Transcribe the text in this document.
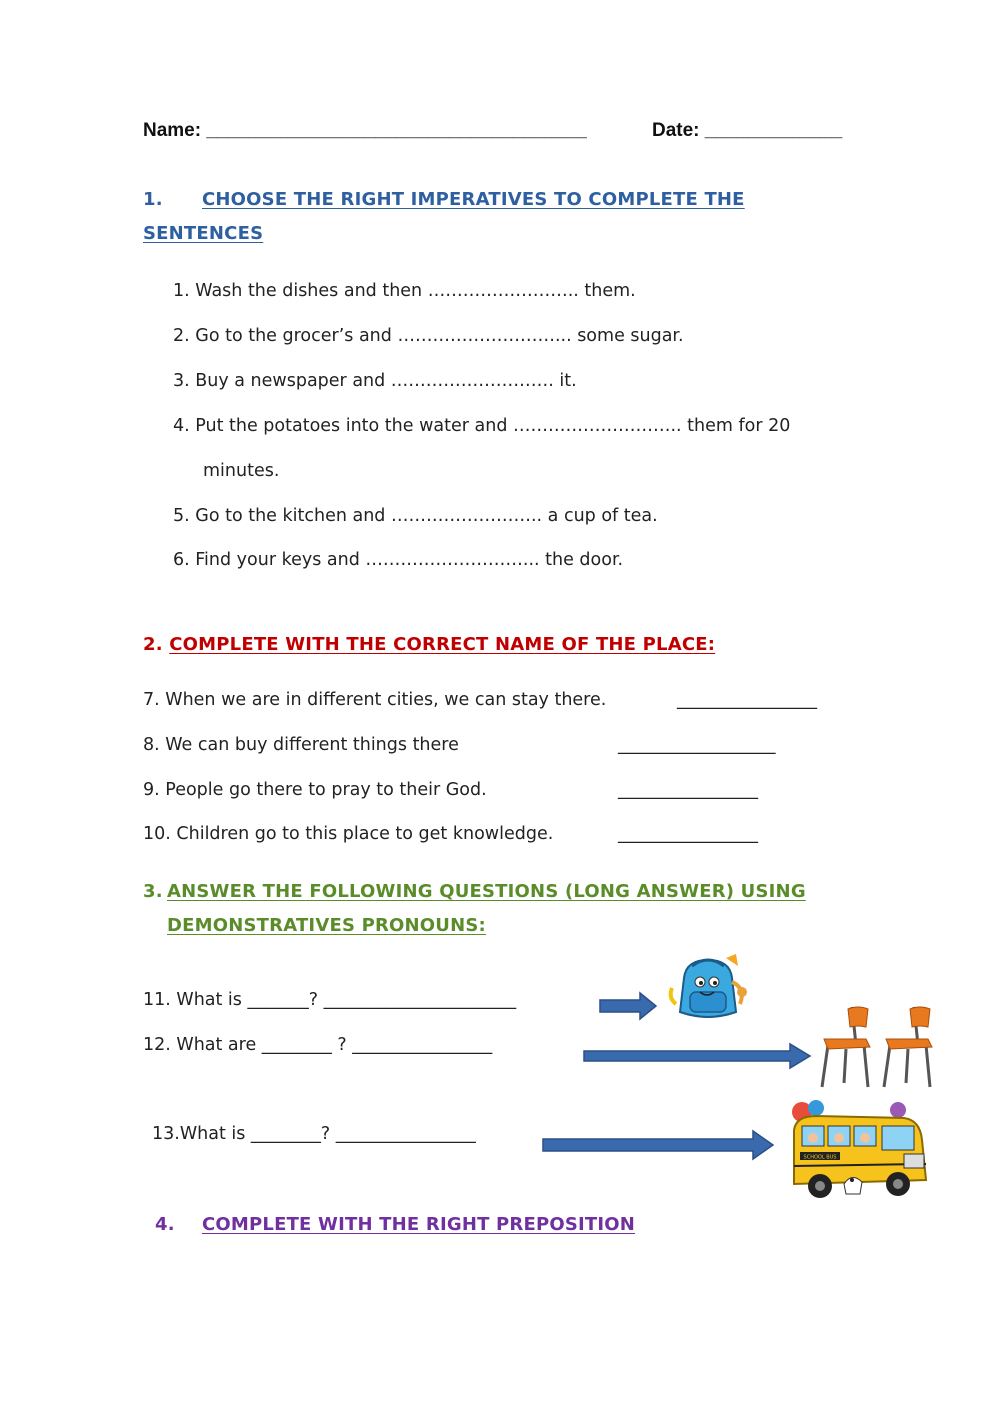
Name: ____________________________________	Date: _____________
1. CHOOSE THE RIGHT IMPERATIVES TO COMPLETE THE
SENTENCES
1. Wash the dishes and then …………………….. them.
2. Go to the grocer’s and ………………………... some sugar.
3. Buy a newspaper and ………………………. it.
4. Put the potatoes into the water and ……………………….. them for 20
minutes.
5. Go to the kitchen and …………………….. a cup of tea.
6. Find your keys and ………………………... the door.
2. COMPLETE WITH THE CORRECT NAME OF THE PLACE:
7. When we are in different cities, we can stay there.	________________
8. We can buy different things there	__________________
9. People go there to pray to their God.	________________
10. Children go to this place to get knowledge.	________________
3. ANSWER THE FOLLOWING QUESTIONS (LONG ANSWER) USING
DEMONSTRATIVES PRONOUNS:
11. What is _______? ______________________
12. What are ________ ? ________________
13.What is ________? ________________
SCHOOL BUS
4. COMPLETE WITH THE RIGHT PREPOSITION
